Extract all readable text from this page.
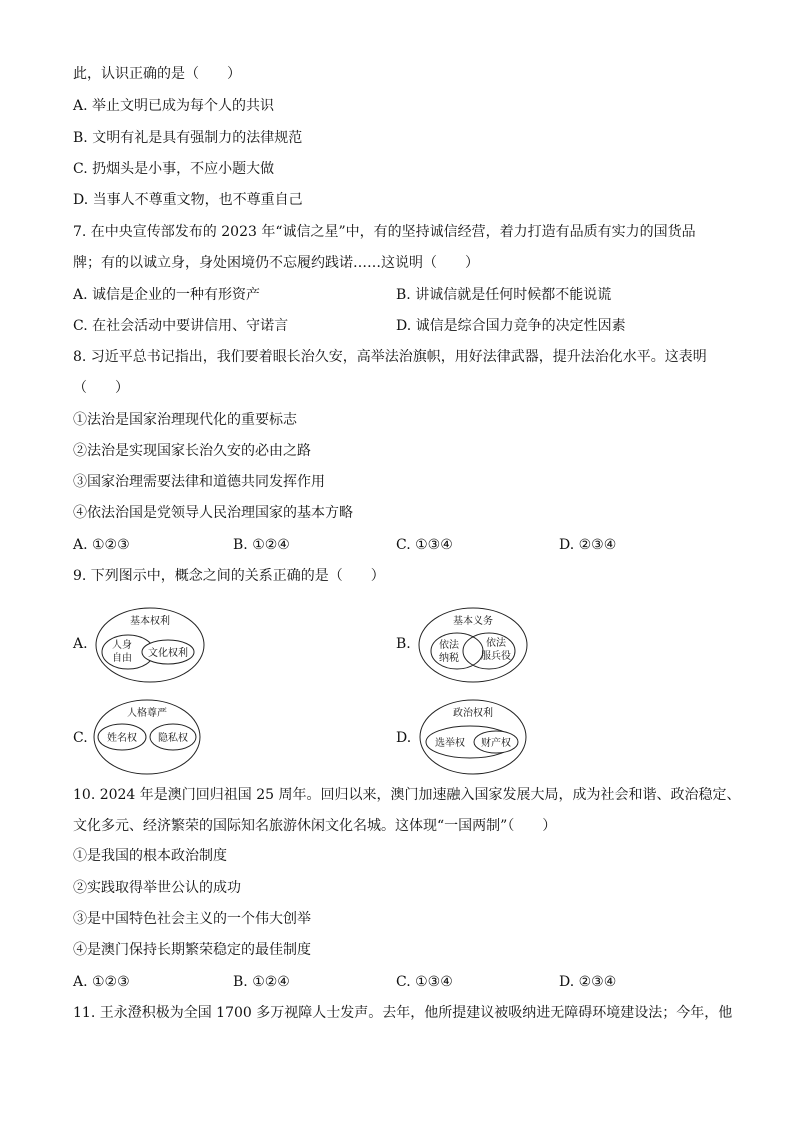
此，认识正确的是（　　）
A. 举止文明已成为每个人的共识
B. 文明有礼是具有强制力的法律规范
C. 扔烟头是小事，不应小题大做
D. 当事人不尊重文物，也不尊重自己
7. 在中央宣传部发布的 2023 年“诚信之星”中，有的坚持诚信经营，着力打造有品质有实力的国货品
牌；有的以诚立身，身处困境仍不忘履约践诺……这说明（　　）
A. 诚信是企业的一种有形资产	B. 讲诚信就是任何时候都不能说谎
C. 在社会活动中要讲信用、守诺言	D. 诚信是综合国力竞争的决定性因素
8. 习近平总书记指出，我们要着眼长治久安，高举法治旗帜，用好法律武器，提升法治化水平。这表明
（　　）
①法治是国家治理现代化的重要标志
②法治是实现国家长治久安的必由之路
③国家治理需要法律和道德共同发挥作用
④依法治国是党领导人民治理国家的基本方略
A. ①②③	B. ①②④	C. ①③④	D. ②③④
9. 下列图示中，概念之间的关系正确的是（　　）
A.
基本权利
人身
自由 文化权利
B.
基本义务
依法
纳税
依法
服兵役
C.
人格尊严
姓名权 隐私权	D.
政治权利
选举权 财产权
10. 2024 年是澳门回归祖国 25 周年。回归以来，澳门加速融入国家发展大局，成为社会和谐、政治稳定、
文化多元、经济繁荣的国际知名旅游休闲文化名城。这体现“一国两制”（　　）
①是我国的根本政治制度
②实践取得举世公认的成功
③是中国特色社会主义的一个伟大创举
④是澳门保持长期繁荣稳定的最佳制度
A. ①②③	B. ①②④	C. ①③④	D. ②③④
11. 王永澄积极为全国 1700 多万视障人士发声。去年，他所提建议被吸纳进无障碍环境建设法；今年，他
